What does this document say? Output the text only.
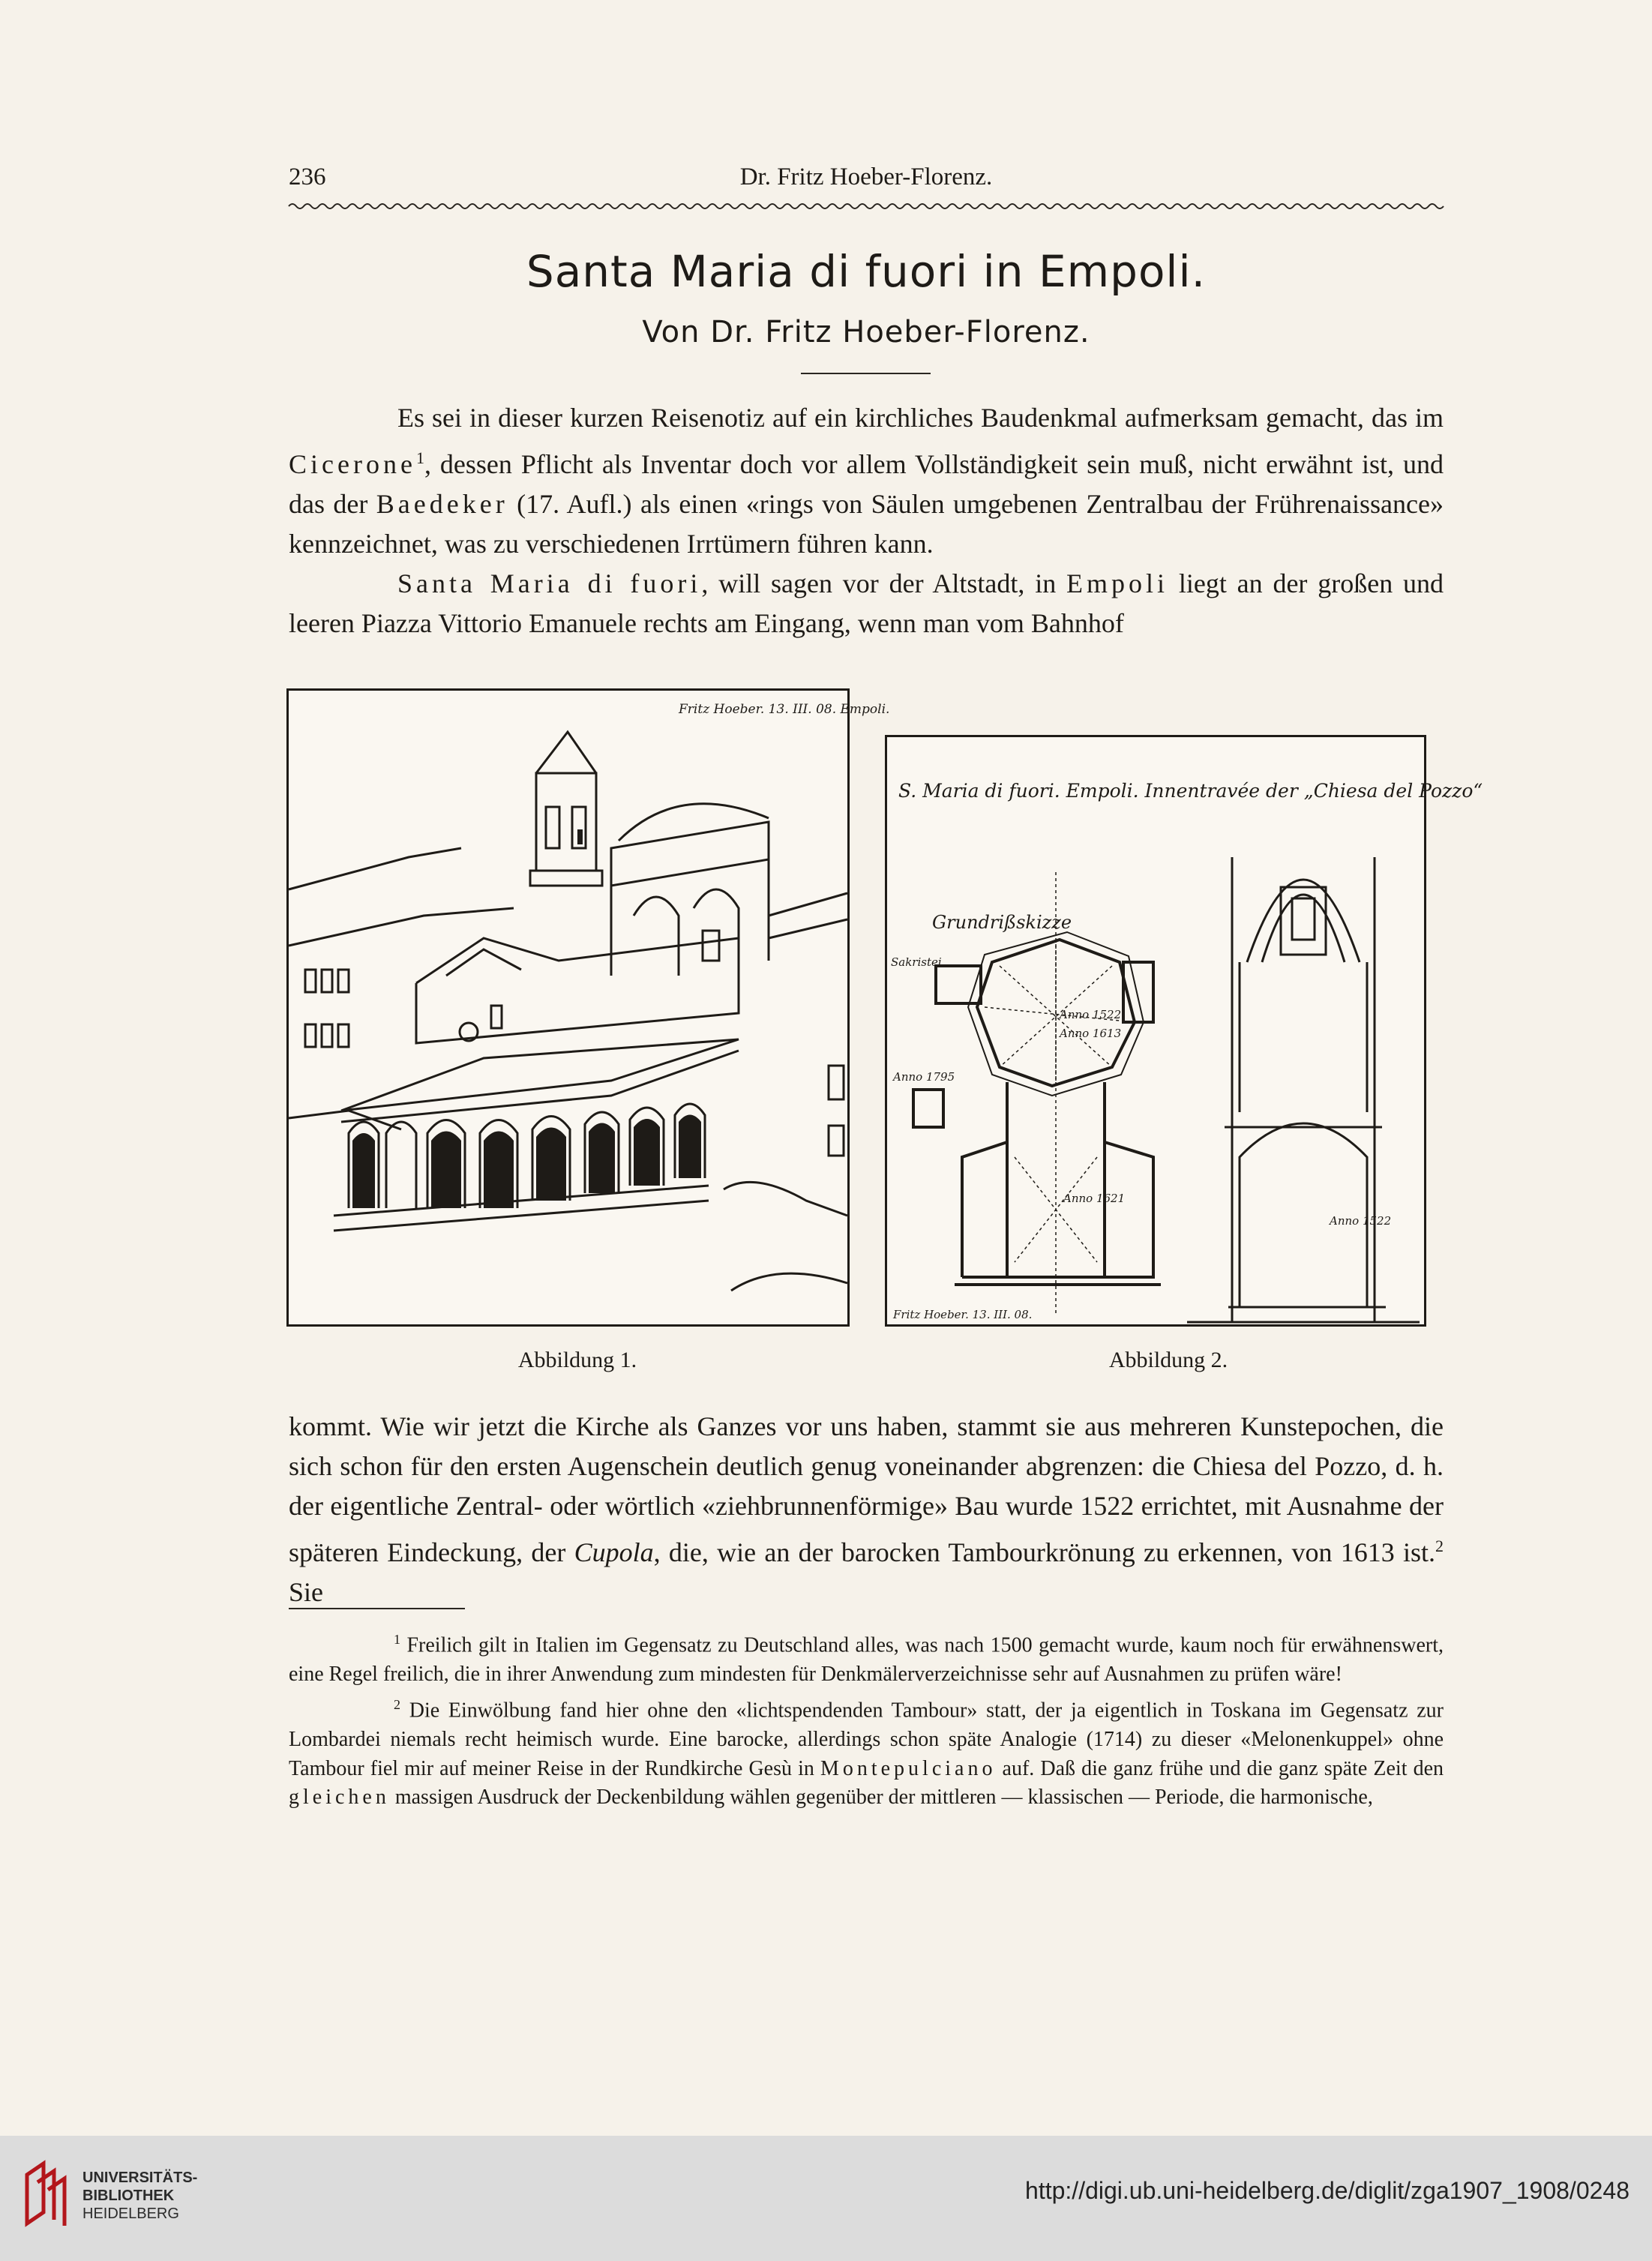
236	Dr. Fritz Hoeber-Florenz.
Santa Maria di fuori in Empoli.
Von Dr. Fritz Hoeber-Florenz.

Es sei in dieser kurzen Reisenotiz auf ein kirchliches Baudenkmal aufmerksam gemacht, das im Cicerone$^1$, dessen Pflicht als Inventar doch vor allem Vollständigkeit sein muß, nicht erwähnt ist, und das der Baedeker (17. Aufl.) als einen «rings von Säulen umgebenen Zentralbau der Frührenaissance» kennzeichnet, was zu verschiedenen Irrtümern führen kann.

Santa Maria di fuori, will sagen vor der Altstadt, in Empoli liegt an der großen und leeren Piazza Vittorio Emanuele rechts am Eingang, wenn man vom Bahnhof

Fritz Hoeber. 13. III. 08. Empoli.
Abbildung 1.
S. Maria di fuori. Empoli. Innentravée der „Chiesa del Pozzo“
Grundrißskizze
Sakristei
Anno 1522
Anno 1613
Anno 1795
Anno 1621
Anno 1522
Fritz Hoeber. 13. III. 08.
Abbildung 2.

kommt. Wie wir jetzt die Kirche als Ganzes vor uns haben, stammt sie aus mehreren Kunstepochen, die sich schon für den ersten Augenschein deutlich genug voneinander abgrenzen: die Chiesa del Pozzo, d. h. der eigentliche Zentral- oder wörtlich «ziehbrunnenförmige» Bau wurde 1522 errichtet, mit Ausnahme der späteren Eindeckung, der Cupola, die, wie an der barocken Tambourkrönung zu erkennen, von 1613 ist.$^2$ Sie

$^1$ Freilich gilt in Italien im Gegensatz zu Deutschland alles, was nach 1500 gemacht wurde, kaum noch für erwähnenswert, eine Regel freilich, die in ihrer Anwendung zum mindesten für Denkmälerverzeichnisse sehr auf Ausnahmen zu prüfen wäre!

$^2$ Die Einwölbung fand hier ohne den «lichtspendenden Tambour» statt, der ja eigentlich in Toskana im Gegensatz zur Lombardei niemals recht heimisch wurde. Eine barocke, allerdings schon späte Analogie (1714) zu dieser «Melonenkuppel» ohne Tambour fiel mir auf meiner Reise in der Rundkirche Gesù in Montepulciano auf. Daß die ganz frühe und die ganz späte Zeit den gleichen massigen Ausdruck der Deckenbildung wählen gegenüber der mittleren — klassischen — Periode, die harmonische,

UNIVERSITÄTS-
BIBLIOTHEK
HEIDELBERG
http://digi.ub.uni-heidelberg.de/diglit/zga1907_1908/0248
